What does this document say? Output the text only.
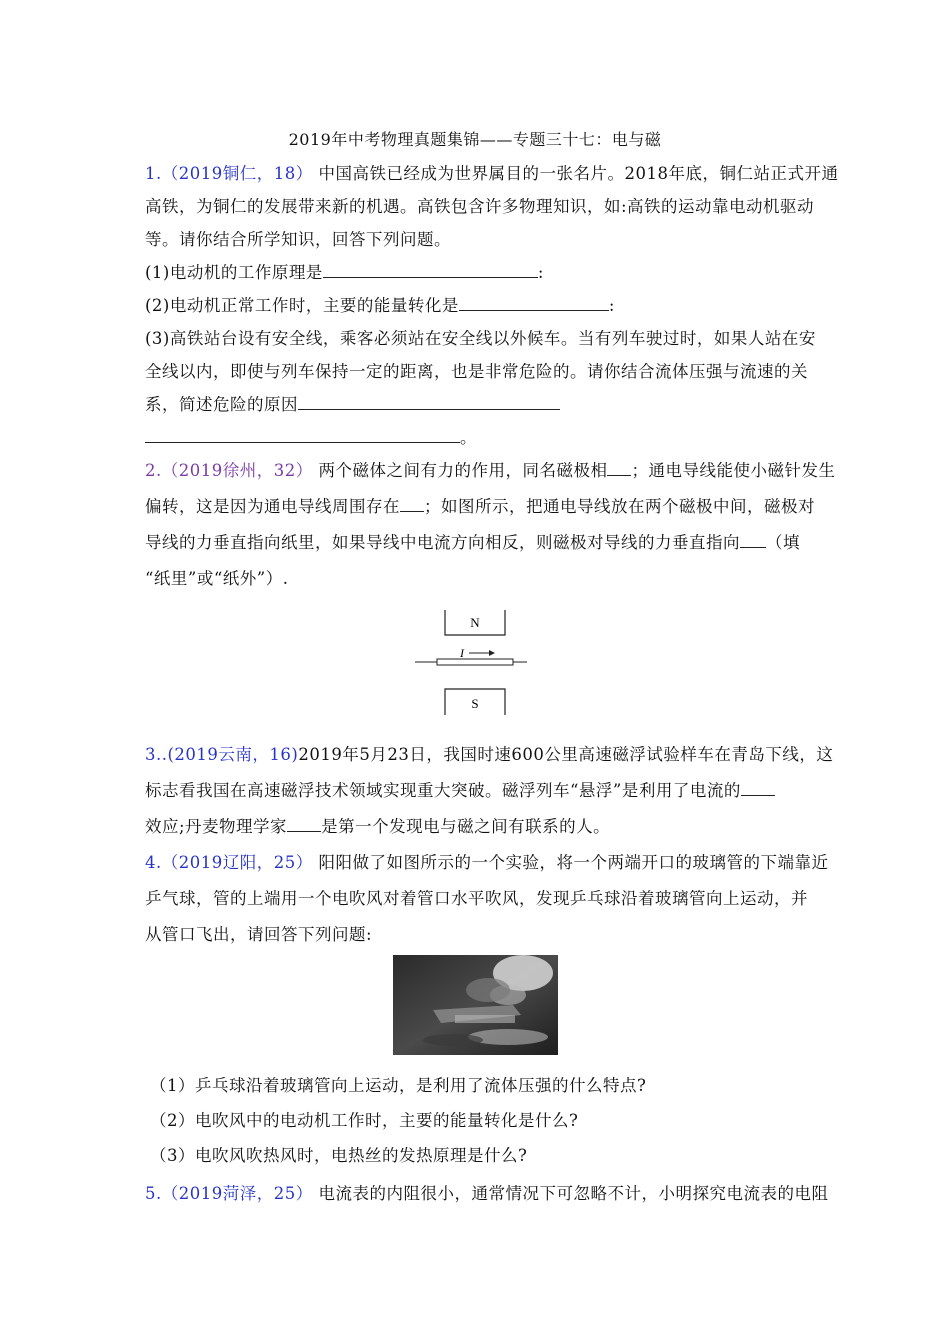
2019年中考物理真题集锦——专题三十七：电与磁
1.（2019铜仁，18） 中国高铁已经成为世界属目的一张名片。2018年底，铜仁站正式开通
高铁，为铜仁的发展带来新的机遇。高铁包含许多物理知识，如:高铁的运动靠电动机驱动
等。请你结合所学知识，回答下列问题。
(1)电动机的工作原理是	:
(2)电动机正常工作时，主要的能量转化是	:
(3)高铁站台设有安全线，乘客必须站在安全线以外候车。当有列车驶过时，如果人站在安
全线以内，即使与列车保持一定的距离，也是非常危险的。请你结合流体压强与流速的关
系，简述危险的原因
。
2.（2019徐州，32） 两个磁体之间有力的作用，同名磁极相 ；通电导线能使小磁针发生
偏转，这是因为通电导线周围存在 ；如图所示，把通电导线放在两个磁极中间，磁极对
导线的力垂直指向纸里，如果导线中电流方向相反，则磁极对导线的力垂直指向 （填
“纸里”或“纸外”）.
N
I
S
3..(2019云南，16)2019年5月23日，我国时速600公里高速磁浮试验样车在青岛下线，这
标志看我国在高速磁浮技术领域实现重大突破。磁浮列车“悬浮”是利用了电流的
效应;丹麦物理学家 是第一个发现电与磁之间有联系的人。
4.（2019辽阳，25） 阳阳做了如图所示的一个实验，将一个两端开口的玻璃管的下端靠近
乒气球，管的上端用一个电吹风对着管口水平吹风，发现乒乓球沿着玻璃管向上运动，并
从管口飞出，请回答下列问题:
（1）乒乓球沿着玻璃管向上运动，是利用了流体压强的什么特点?
（2）电吹风中的电动机工作时，主要的能量转化是什么?
（3）电吹风吹热风时，电热丝的发热原理是什么?
5.（2019菏泽，25） 电流表的内阻很小，通常情况下可忽略不计，小明探究电流表的电阻
